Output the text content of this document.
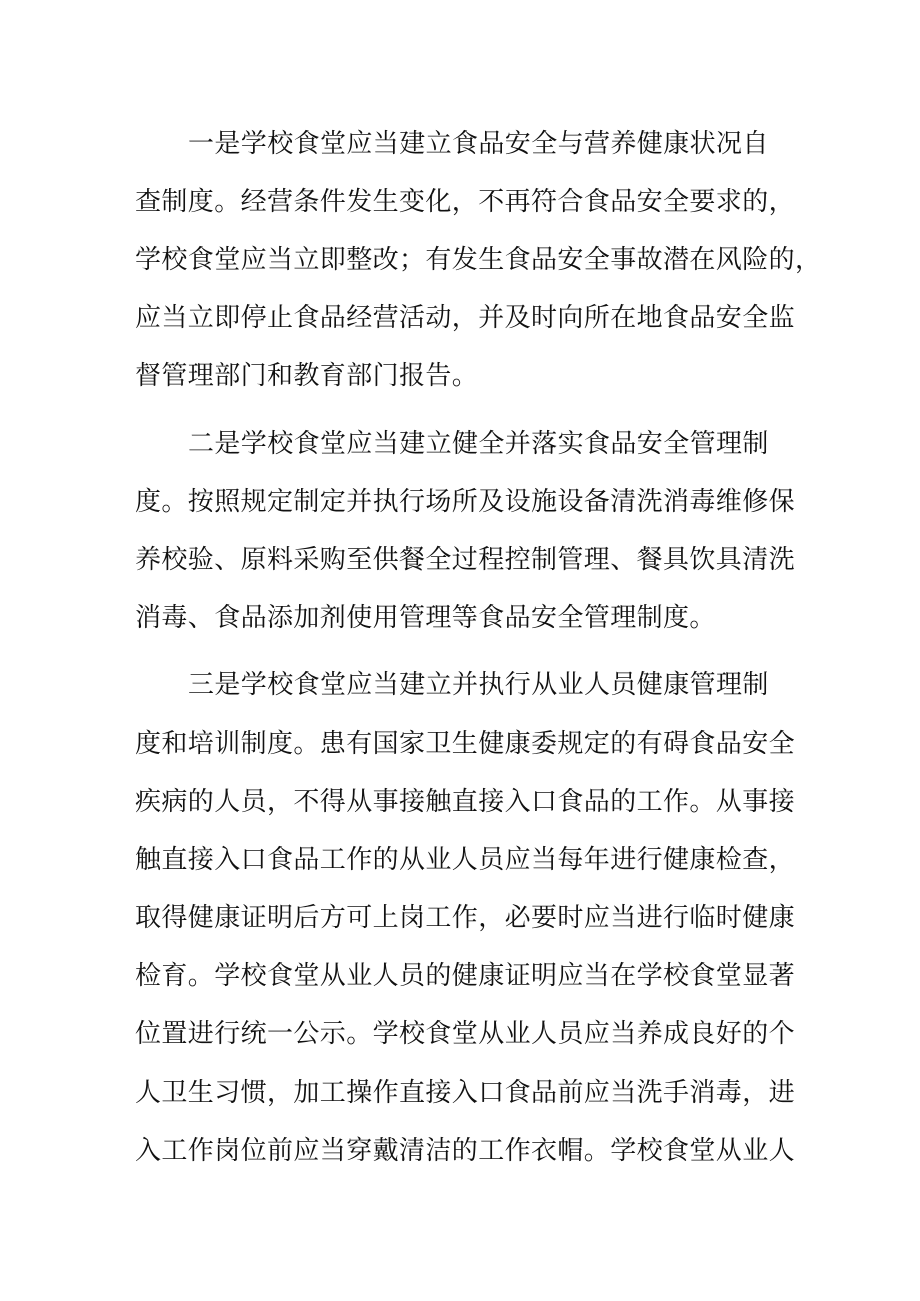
一是学校食堂应当建立食品安全与营养健康状况自
查制度。经营条件发生变化，不再符合食品安全要求的，
学校食堂应当立即整改；有发生食品安全事故潜在风险的，
应当立即停止食品经营活动，并及时向所在地食品安全监
督管理部门和教育部门报告。
二是学校食堂应当建立健全并落实食品安全管理制
度。按照规定制定并执行场所及设施设备清洗消毒维修保
养校验、原料采购至供餐全过程控制管理、餐具饮具清洗
消毒、食品添加剂使用管理等食品安全管理制度。
三是学校食堂应当建立并执行从业人员健康管理制
度和培训制度。患有国家卫生健康委规定的有碍食品安全
疾病的人员，不得从事接触直接入口食品的工作。从事接
触直接入口食品工作的从业人员应当每年进行健康检查，
取得健康证明后方可上岗工作，必要时应当进行临时健康
检育。学校食堂从业人员的健康证明应当在学校食堂显著
位置进行统一公示。学校食堂从业人员应当养成良好的个
人卫生习惯，加工操作直接入口食品前应当洗手消毒，进
入工作岗位前应当穿戴清洁的工作衣帽。学校食堂从业人
